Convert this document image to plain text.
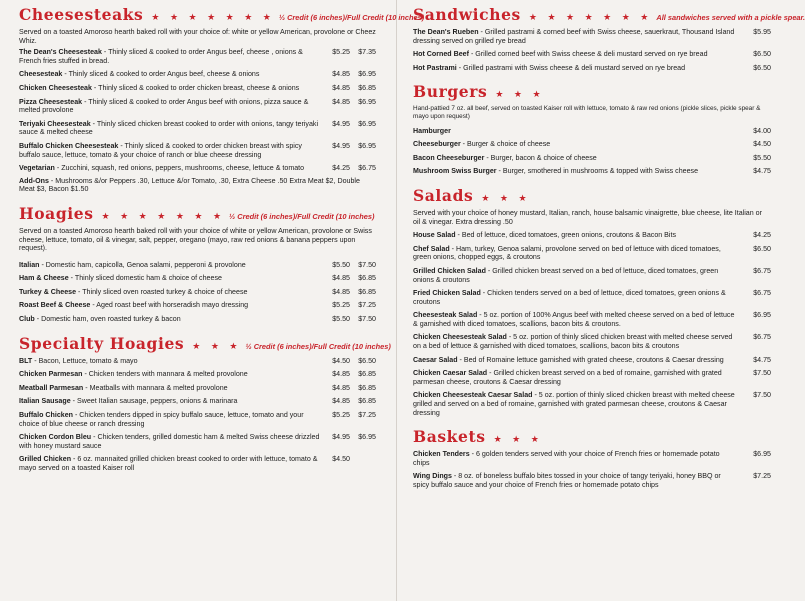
Cheesesteaks ★ ★ ★ ★ ★ ★ ★ ½ Credit (6 inches)/Full Credit (10 inches)
Served on a toasted Amoroso hearth baked roll with your choice of: white or yellow American, provolone or Cheez Whiz.
The Dean's Cheesesteak - Thinly sliced & cooked to order Angus beef, cheese , onions & French fries stuffed in bread.
$5.25	$7.35
Cheesesteak - Thinly sliced & cooked to order Angus beef, cheese & onions	$4.85	$6.95
Chicken Cheesesteak - Thinly sliced & cooked to order chicken breast, cheese & onions	$4.85	$6.85
Pizza Cheesesteak - Thinly sliced & cooked to order Angus beef with onions, pizza sauce & melted provolone
$4.85	$6.95
Teriyaki Cheesesteak - Thinly sliced chicken breast cooked to order with onions, tangy teriyaki sauce & melted cheese
$4.95	$6.95
Buffalo Chicken Cheesesteak - Thinly sliced & cooked to order chicken breast with spicy buffalo sauce, lettuce, tomato & your choice of ranch or blue cheese dressing
$4.95	$6.95
Vegetarian - Zucchini, squash, red onions, peppers, mushrooms, cheese, lettuce & tomato	$4.25	$6.75
Add-Ons - Mushrooms &/or Peppers .30, Lettuce &/or Tomato, .30, Extra Cheese .50 Extra Meat $2, Double Meat $3, Bacon $1.50
Hoagies ★ ★ ★ ★ ★ ★ ★ ½ Credit (6 inches)/Full Credit (10 inches)
Served on a toasted Amoroso hearth baked roll with your choice of white or yellow American, provolone or Swiss cheese, lettuce, tomato, oil & vinegar, salt, pepper, oregano (mayo, raw red onions & banana peppers upon request).
Italian - Domestic ham, capicolla, Genoa salami, pepperoni & provolone	$5.50	$7.50
Ham & Cheese - Thinly sliced domestic ham & choice of cheese	$4.85	$6.85
Turkey & Cheese - Thinly sliced oven roasted turkey & choice of cheese	$4.85	$6.85
Roast Beef & Cheese - Aged roast beef with horseradish mayo dressing	$5.25	$7.25
Club - Domestic ham, oven roasted turkey & bacon	$5.50	$7.50
Specialty Hoagies ★ ★ ★ ½ Credit (6 inches)/Full Credit (10 inches)
BLT - Bacon, Lettuce, tomato & mayo	$4.50	$6.50
Chicken Parmesan - Chicken tenders with mannara & melted provolone	$4.85	$6.85
Meatball Parmesan - Meatballs with mannara & melted provolone	$4.85	$6.85
Italian Sausage - Sweet Italian sausage, peppers, onions & marinara	$4.85	$6.85
Buffalo Chicken - Chicken tenders dipped in spicy buffalo sauce, lettuce, tomato and your choice of blue cheese or ranch dressing
$5.25	$7.25
Chicken Cordon Bleu - Chicken tenders, grilled domestic ham & melted Swiss cheese drizzled with honey mustard sauce
$4.95	$6.95
Grilled Chicken - 6 oz. mannaited grilled chicken breast cooked to order with lettuce, tomato & mayo served on a toasted Kaiser roll
$4.50
Sandwiches ★ ★ ★ ★ ★ ★ ★ All sandwiches served with a pickle spear.
The Dean's Rueben - Grilled pastrami & corned beef with Swiss cheese, sauerkraut, Thousand Island dressing served on grilled rye bread
$5.95
Hot Corned Beef - Grilled corned beef with Swiss cheese & deli mustard served on rye bread	$6.50
Hot Pastrami - Grilled pastrami with Swiss cheese & deli mustard served on rye bread	$6.50
Burgers ★ ★ ★
Hand-pattied 7 oz. all beef, served on toasted Kaiser roll with lettuce, tomato & raw red onions (pickle slices, pickle spear & mayo upon request)
Hamburger	$4.00
Cheeseburger - Burger & choice of cheese	$4.50
Bacon Cheeseburger - Burger, bacon & choice of cheese	$5.50
Mushroom Swiss Burger - Burger, smothered in mushrooms & topped with Swiss cheese	$4.75
Salads ★ ★ ★
Served with your choice of honey mustard, Italian, ranch, house balsamic vinaigrette, blue cheese, lite Italian or oil & vinegar. Extra dressing .50
House Salad - Bed of lettuce, diced tomatoes, green onions, croutons & Bacon Bits	$4.25
Chef Salad - Ham, turkey, Genoa salami, provolone served on bed of lettuce with diced tomatoes, green onions, chopped eggs, & croutons
$6.50
Grilled Chicken Salad - Grilled chicken breast served on a bed of lettuce, diced tomatoes, green onions & croutons
$6.75
Fried Chicken Salad - Chicken tenders served on a bed of lettuce, diced tomatoes, green onions & croutons
$6.75
Cheesesteak Salad - 5 oz. portion of 100% Angus beef with melted cheese served on a bed of lettuce & garnished with diced tomatoes, scallions, bacon bits & croutons.
$6.95
Chicken Cheesesteak Salad - 5 oz. portion of thinly sliced chicken breast with melted cheese served on a bed of lettuce & garnished with diced tomatoes, scallions, bacon bits & croutons
$6.75
Caesar Salad - Bed of Romaine lettuce garnished with grated cheese, croutons & Caesar dressing	$4.75
Chicken Caesar Salad - Grilled chicken breast served on a bed of romaine, garnished with grated parmesan cheese, croutons & Caesar dressing
$7.50
Chicken Cheesesteak Caesar Salad - 5 oz. portion of thinly sliced chicken breast with melted cheese grilled and served on a bed of romaine, garnished with grated parmesan cheese, croutons & Caesar dressing
$7.50
Baskets ★ ★ ★
Chicken Tenders - 6 golden tenders served with your choice of French fries or homemade potato chips
$6.95
Wing Dings - 8 oz. of boneless buffalo bites tossed in your choice of tangy teriyaki, honey BBQ or spicy buffalo sauce and your choice of French fries or homemade potato chips
$7.25
